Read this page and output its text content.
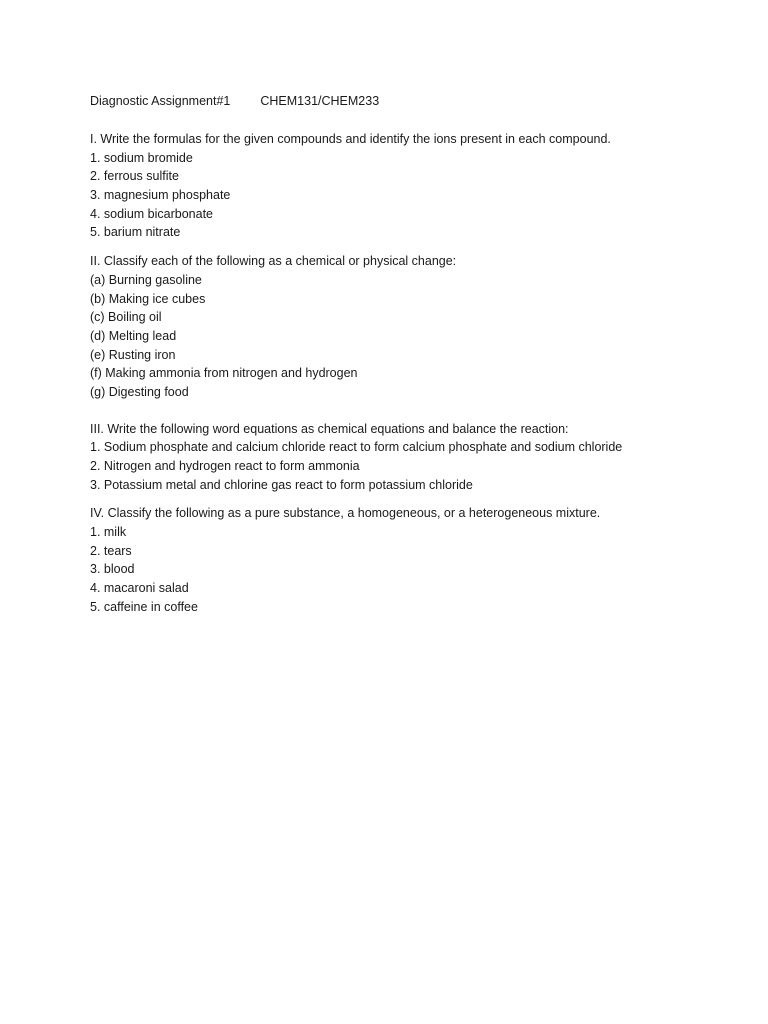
Diagnostic Assignment#1 CHEM131/CHEM233
I. Write the formulas for the given compounds and identify the ions present in each compound.
1. sodium bromide
2. ferrous sulfite
3. magnesium phosphate
4. sodium bicarbonate
5. barium nitrate
II. Classify each of the following as a chemical or physical change:
(a) Burning gasoline
(b) Making ice cubes
(c) Boiling oil
(d) Melting lead
(e) Rusting iron
(f) Making ammonia from nitrogen and hydrogen
(g) Digesting food
III. Write the following word equations as chemical equations and balance the reaction:
1. Sodium phosphate and calcium chloride react to form calcium phosphate and sodium chloride
2. Nitrogen and hydrogen react to form ammonia
3. Potassium metal and chlorine gas react to form potassium chloride
IV. Classify the following as a pure substance, a homogeneous, or a heterogeneous mixture.
1. milk
2. tears
3. blood
4. macaroni salad
5. caffeine in coffee
